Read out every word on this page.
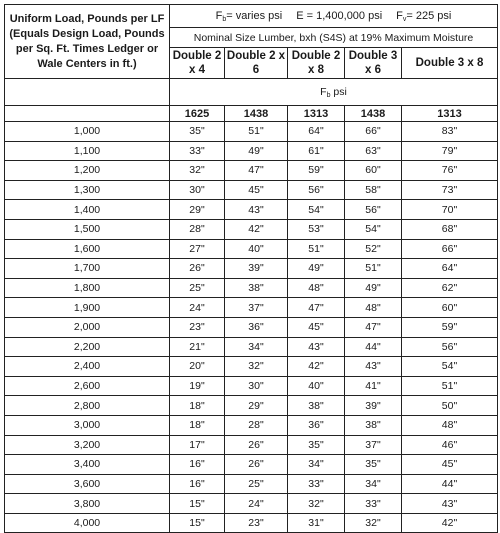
Uniform Load, Pounds per LF (Equals Design Load, Pounds per Sq. Ft. Times Ledger or Wale Centers in ft.)	$F_b=$ varies psi E = 1,400,000 psi $F_v= 225$ psi				
	Nominal Size Lumber, bxh (S4S) at 19% Maximum Moisture				
	Double 2 x 4	Double 2 x 6	Double 2 x 8	Double 3 x 6	Double 3 x 8
	$F_b$ psi				
	1625	1438	1313	1438	1313
1,000	35"	51"	64"	66"	83"
1,100	33"	49"	61"	63"	79"
1,200	32"	47"	59"	60"	76"
1,300	30"	45"	56"	58"	73"
1,400	29"	43"	54"	56"	70"
1,500	28"	42"	53"	54"	68"
1,600	27"	40"	51"	52"	66"
1,700	26"	39"	49"	51"	64"
1,800	25"	38"	48"	49"	62"
1,900	24"	37"	47"	48"	60"
2,000	23"	36"	45"	47"	59"
2,200	21"	34"	43"	44"	56"
2,400	20"	32"	42"	43"	54"
2,600	19"	30"	40"	41"	51"
2,800	18"	29"	38"	39"	50"
3,000	18"	28"	36"	38"	48"
3,200	17"	26"	35"	37"	46"
3,400	16"	26"	34"	35"	45"
3,600	16"	25"	33"	34"	44"
3,800	15"	24"	32"	33"	43"
4,000	15"	23"	31"	32"	42"
